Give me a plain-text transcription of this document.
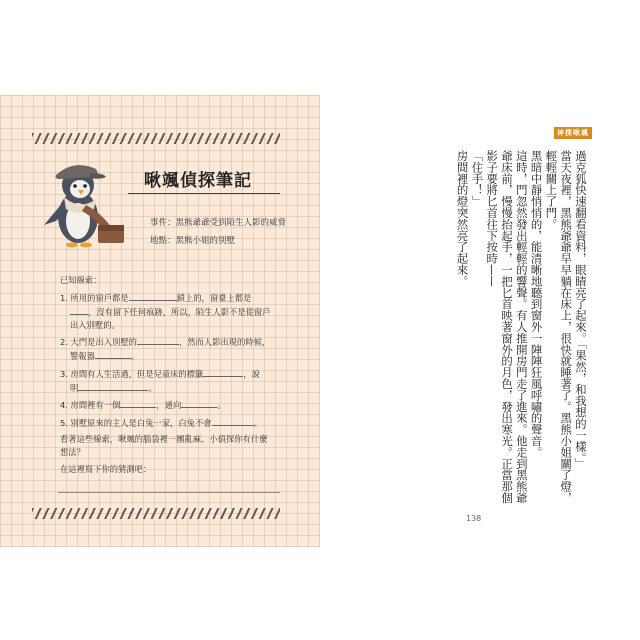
啾颯偵探筆記
事件：黑熊爺爺受到陌生人影的威脅
地點：黑熊小姐的別墅

已知線索：

1. 所用的窗戶都是	鎖上的，窗臺上都是
，沒有留下任何痕跡，所以，陌生人影不是從窗戶
出入別墅的。

2. 大門是出入別墅的	，然而人影出現的時候，
警報器	。

3. 房間有人生活過，但是兒童床的標籤	，說
明	。

4. 房間裡有一個	，通向	。

5. 別墅原來的主人是白兔一家，白兔不會	。

看著這些線索，啾颯的腦袋裡一團亂麻。小偵探你有什麼
想法？

在這裡寫下你的猜測吧：

神探啾颯

過克狐快速翻看資料，眼睛亮了起來。「果然，和我想的一樣。」

當天夜裡，黑熊爺爺早早躺在床上，很快就睡著了。黑熊小姐關了燈，輕輕關上了門。

黑暗中靜悄悄的，能清晰地聽到窗外一陣陣狂風呼嘯的聲音。

這時，門忽然發出輕輕的響聲。有人推開房門走了進來。他走到黑熊爺爺床前，慢慢抬起手，一把匕首映著窗外的月色，發出寒光。正當那個影子要將匕首往下按時——

「住手！」

房間裡的燈突然亮了起來。

138
